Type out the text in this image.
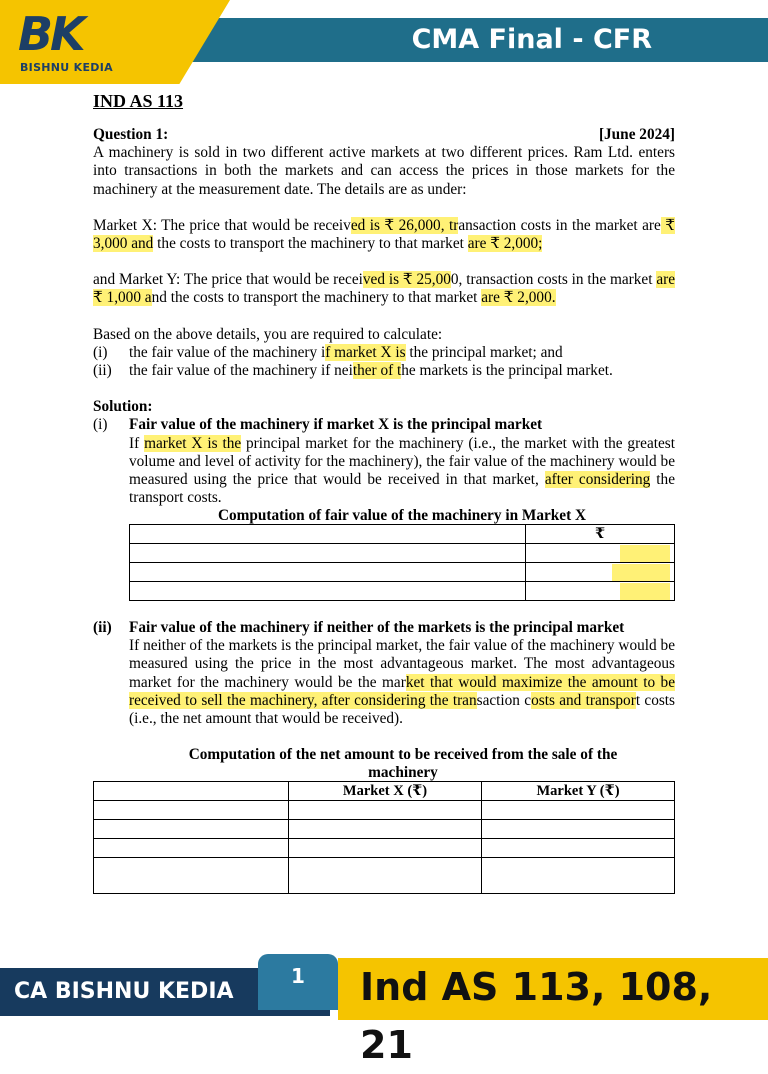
BK
BISHNU KEDIA
CMA Final - CFR
IND AS 113
Question 1:	[June 2024]

A machinery is sold in two different active markets at two different prices. Ram Ltd. enters into transactions in both the markets and can access the prices in those markets for the machinery at the measurement date. The details are as under:

Market X: The price that would be received is ₹ 26,000, transaction costs in the market are ₹ 3,000 and the costs to transport the machinery to that market are ₹ 2,000;

and Market Y: The price that would be received is ₹ 25,000, transaction costs in the market are ₹ 1,000 and the costs to transport the machinery to that market are ₹ 2,000.

Based on the above details, you are required to calculate:

(i)	the fair value of the machinery if market X is the principal market; and
(ii)	the fair value of the machinery if neither of the markets is the principal market.

Solution:

(i)	Fair value of the machinery if market X is the principal market

If market X is the principal market for the machinery (i.e., the market with the greatest volume and level of activity for the machinery), the fair value of the machinery would be measured using the price that would be received in that market, after considering the transport costs.

Computation of fair value of the machinery in Market X
	₹

(ii)	Fair value of the machinery if neither of the markets is the principal market

If neither of the markets is the principal market, the fair value of the machinery would be measured using the price in the most advantageous market. The most advantageous market for the machinery would be the market that would maximize the amount to be received to sell the machinery, after considering the transaction costs and transport costs (i.e., the net amount that would be received).

Computation of the net amount to be received from the sale of the machinery
	Market X (₹)	Market Y (₹)

CA BISHNU KEDIA
1	Ind AS 113, 108, 21
